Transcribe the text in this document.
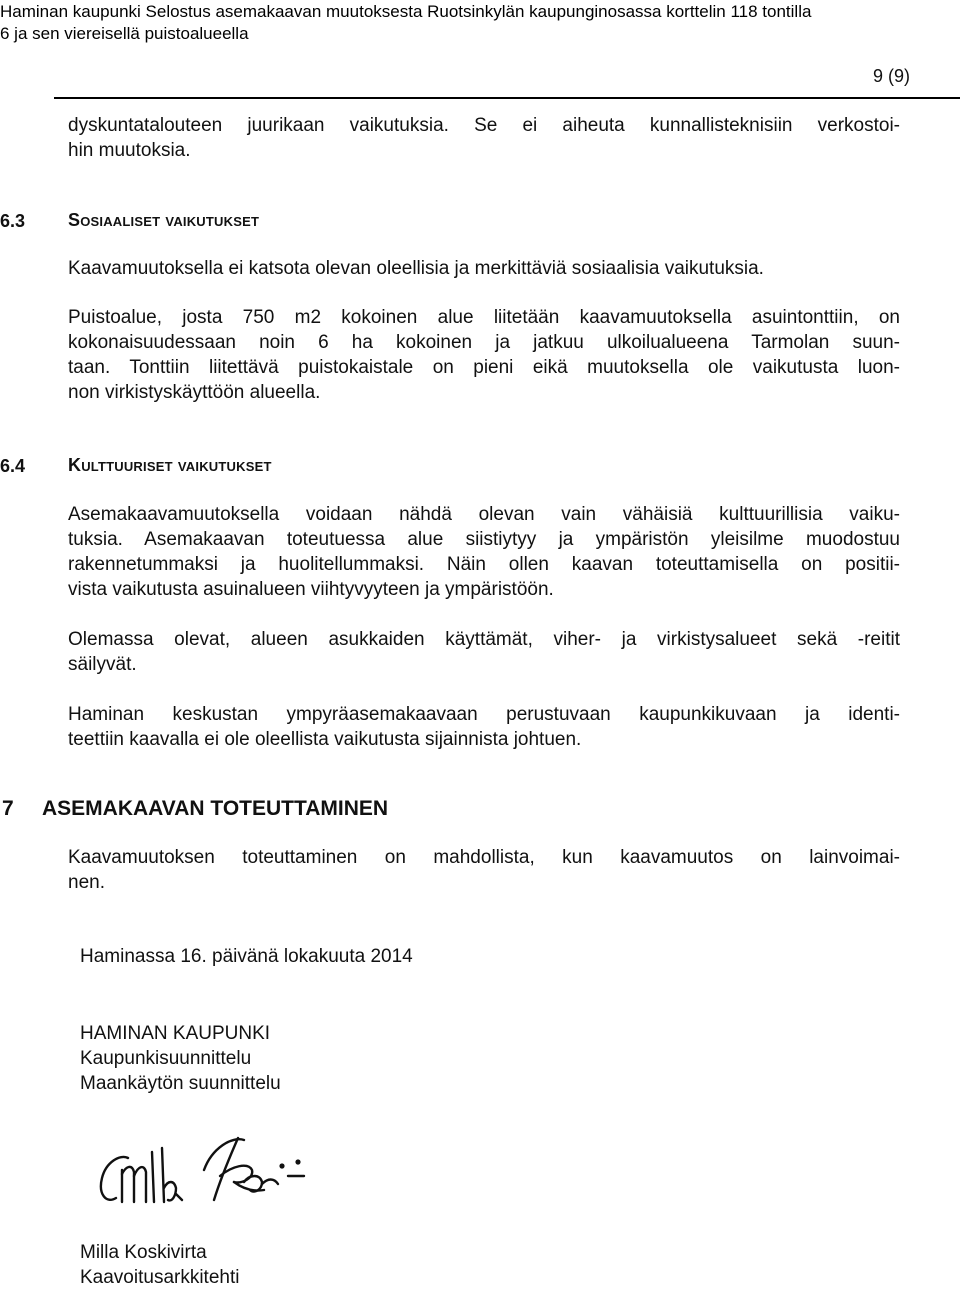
Haminan kaupunki Selostus asemakaavan muutoksesta Ruotsinkylän kaupunginosassa korttelin 118 tontilla
6 ja sen viereisellä puistoalueella
9 (9)
dyskuntatalouteen juurikaan vaikutuksia. Se ei aiheuta kunnallisteknisiin verkostoi-
hin muutoksia.
6.3 Sosiaaliset vaikutukset
Kaavamuutoksella ei katsota olevan oleellisia ja merkittäviä sosiaalisia vaikutuksia.
Puistoalue, josta 750 m2 kokoinen alue liitetään kaavamuutoksella asuintonttiin, on
kokonaisuudessaan noin 6 ha kokoinen ja jatkuu ulkoilualueena Tarmolan suun-
taan. Tonttiin liitettävä puistokaistale on pieni eikä muutoksella ole vaikutusta luon-
non virkistyskäyttöön alueella.
6.4 Kulttuuriset vaikutukset
Asemakaavamuutoksella voidaan nähdä olevan vain vähäisiä kulttuurillisia vaiku-
tuksia. Asemakaavan toteutuessa alue siistiytyy ja ympäristön yleisilme muodostuu
rakennetummaksi ja huolitellummaksi. Näin ollen kaavan toteuttamisella on positii-
vista vaikutusta asuinalueen viihtyvyyteen ja ympäristöön.
Olemassa olevat, alueen asukkaiden käyttämät, viher- ja virkistysalueet sekä -reitit
säilyvät.
Haminan keskustan ympyräasemakaavaan perustuvaan kaupunkikuvaan ja identi-
teettiin kaavalla ei ole oleellista vaikutusta sijainnista johtuen.
7 ASEMAKAAVAN TOTEUTTAMINEN
Kaavamuutoksen toteuttaminen on mahdollista, kun kaavamuutos on lainvoimai-
nen.
Haminassa 16. päivänä lokakuuta 2014
HAMINAN KAUPUNKI
Kaupunkisuunnittelu
Maankäytön suunnittelu
Milla Koskivirta
Kaavoitusarkkitehti
